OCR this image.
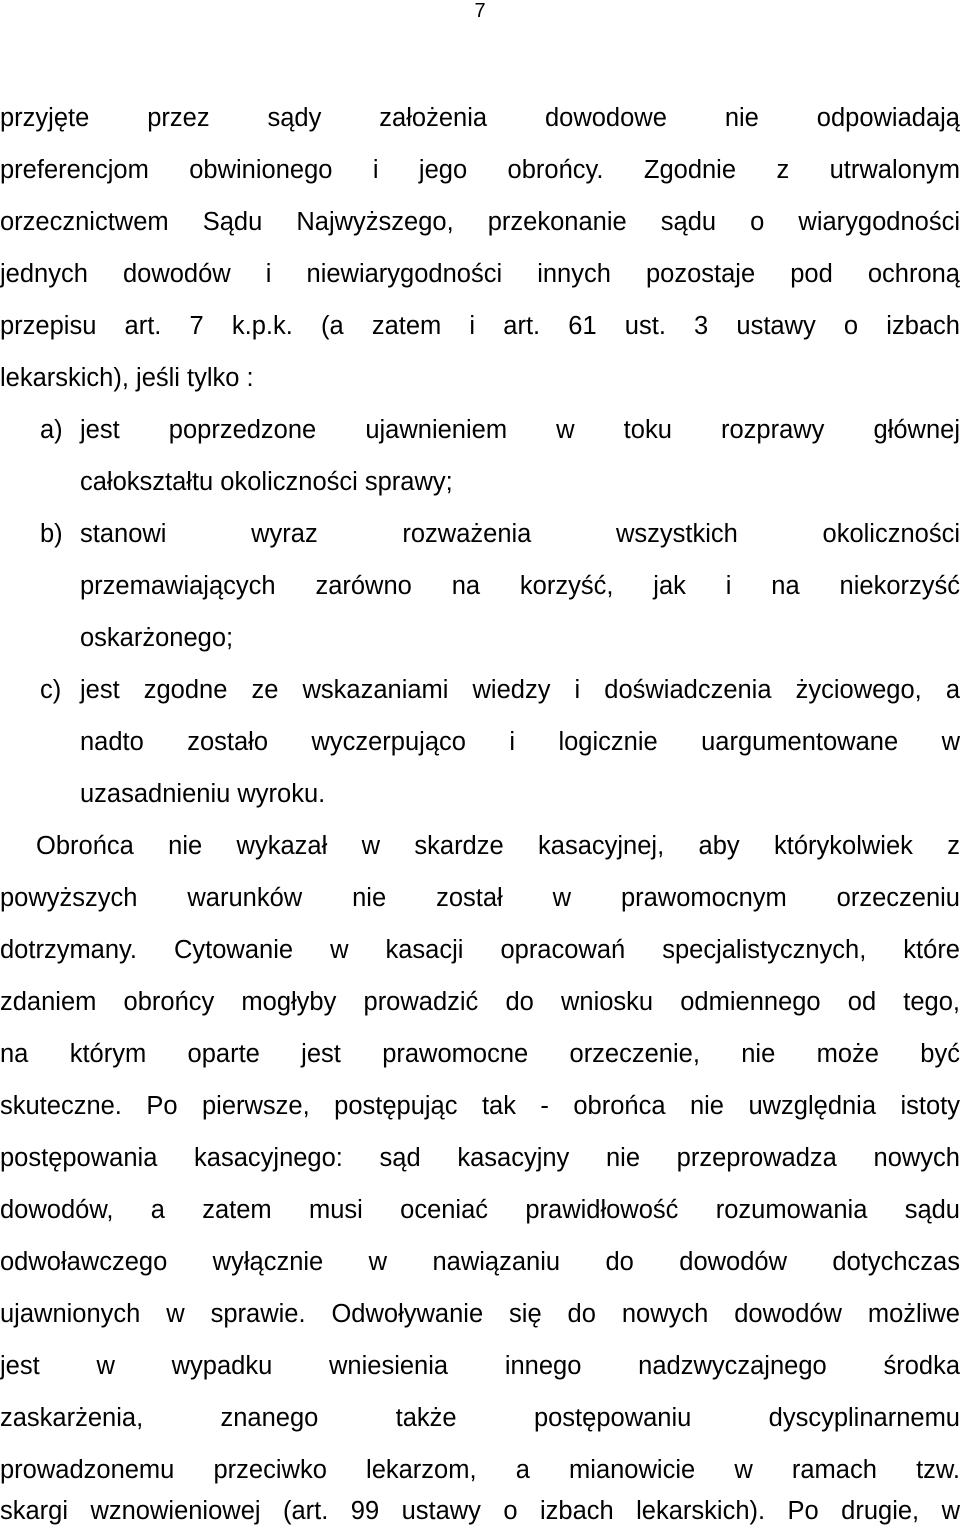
7
przyjęte przez sądy założenia dowodowe nie odpowiadają
preferencjom obwinionego i jego obrońcy. Zgodnie z utrwalonym
orzecznictwem Sądu Najwyższego, przekonanie sądu o wiarygodności
jednych dowodów i niewiarygodności innych pozostaje pod ochroną
przepisu art. 7 k.p.k. (a zatem i art. 61 ust. 3 ustawy o izbach
lekarskich), jeśli tylko :
a) jest poprzedzone ujawnieniem w toku rozprawy głównej
całokształtu okoliczności sprawy;
b) stanowi wyraz rozważenia wszystkich okoliczności
przemawiających zarówno na korzyść, jak i na niekorzyść
oskarżonego;
c) jest zgodne ze wskazaniami wiedzy i doświadczenia życiowego, a
nadto zostało wyczerpująco i logicznie uargumentowane w
uzasadnieniu wyroku.
Obrońca nie wykazał w skardze kasacyjnej, aby którykolwiek z
powyższych warunków nie został w prawomocnym orzeczeniu
dotrzymany. Cytowanie w kasacji opracowań specjalistycznych, które
zdaniem obrońcy mogłyby prowadzić do wniosku odmiennego od tego,
na którym oparte jest prawomocne orzeczenie, nie może być
skuteczne. Po pierwsze, postępując tak - obrońca nie uwzględnia istoty
postępowania kasacyjnego: sąd kasacyjny nie przeprowadza nowych
dowodów, a zatem musi oceniać prawidłowość rozumowania sądu
odwoławczego wyłącznie w nawiązaniu do dowodów dotychczas
ujawnionych w sprawie. Odwoływanie się do nowych dowodów możliwe
jest w wypadku wniesienia innego nadzwyczajnego środka
zaskarżenia, znanego także postępowaniu dyscyplinarnemu
prowadzonemu przeciwko lekarzom, a mianowicie w ramach tzw.
skargi wznowieniowej (art. 99 ustawy o izbach lekarskich). Po drugie, w
